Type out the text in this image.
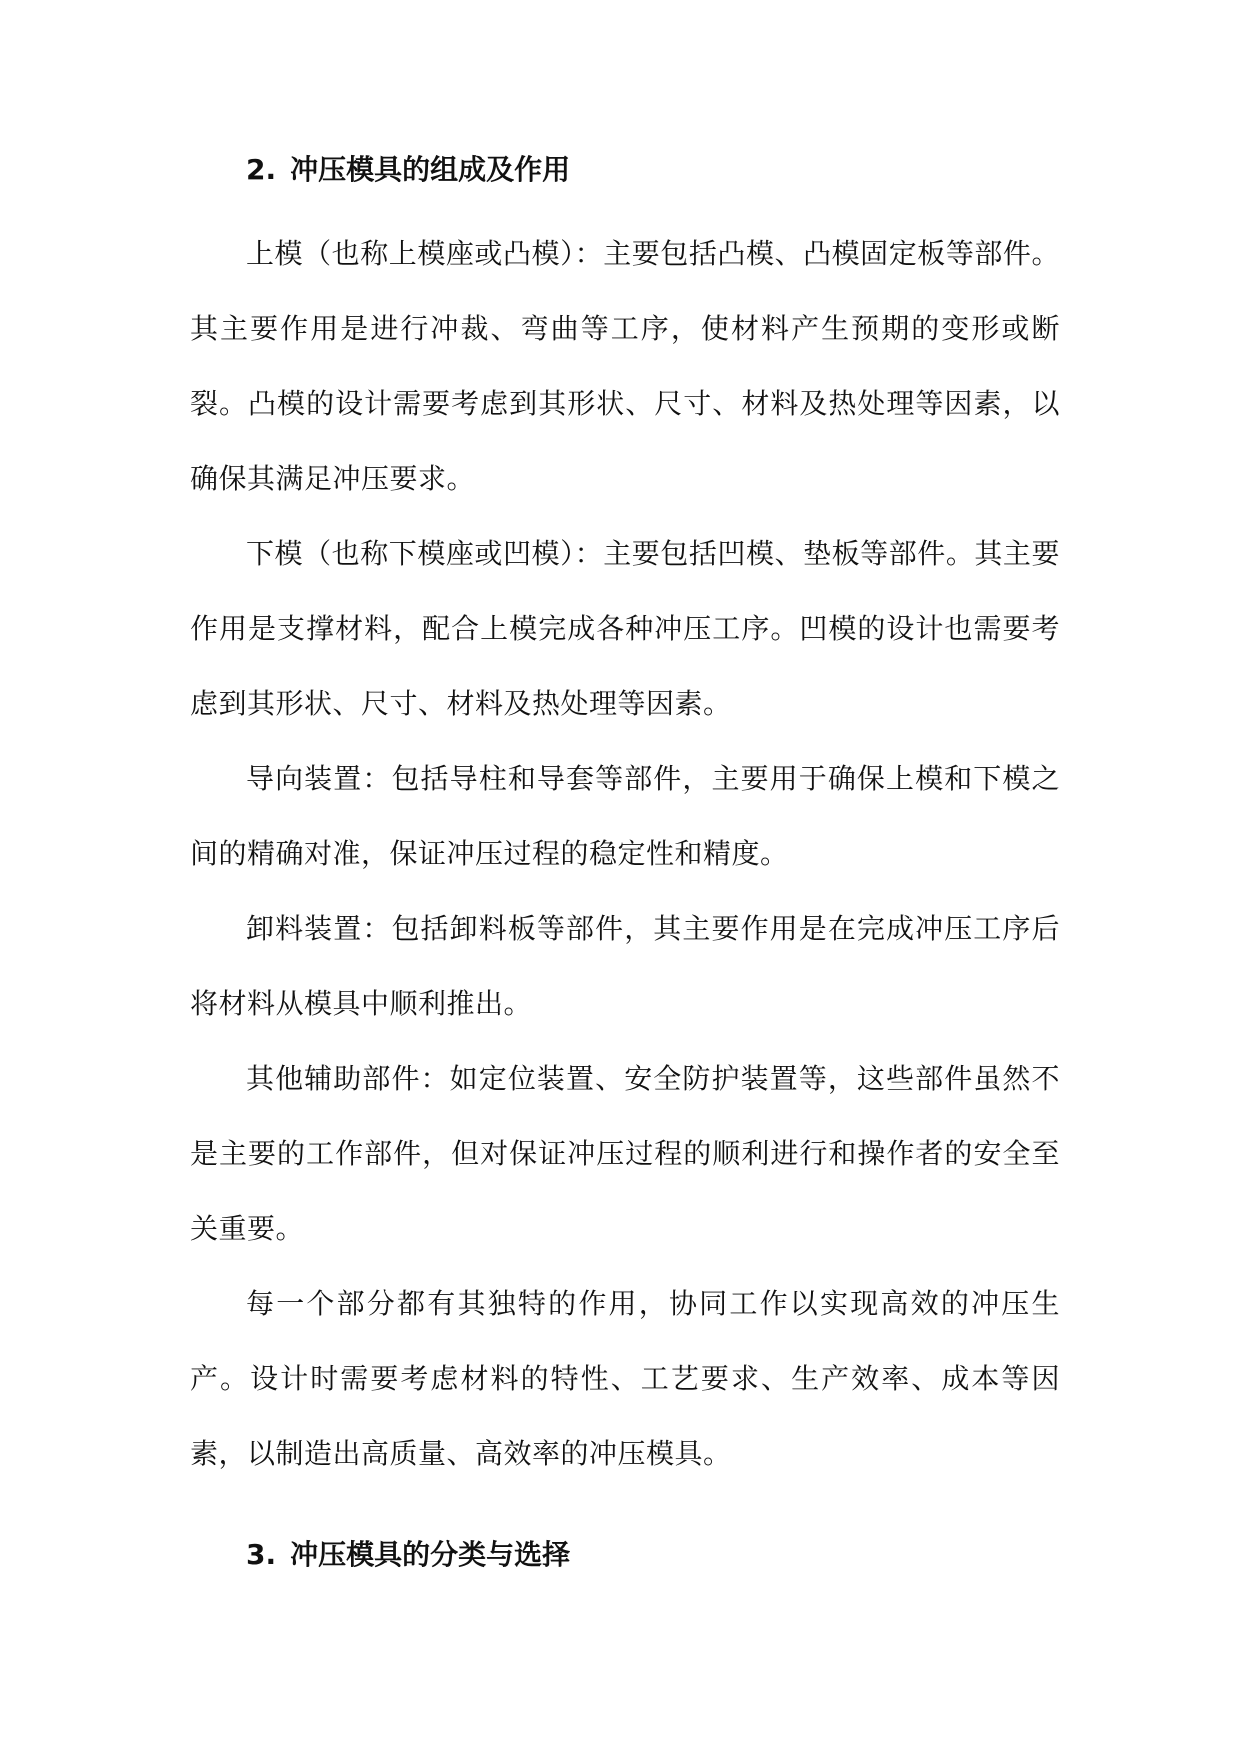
2. 冲压模具的组成及作用

上模（也称上模座或凸模）：主要包括凸模、凸模固定板等部件。其主要作用是进行冲裁、弯曲等工序，使材料产生预期的变形或断裂。凸模的设计需要考虑到其形状、尺寸、材料及热处理等因素，以确保其满足冲压要求。

下模（也称下模座或凹模）：主要包括凹模、垫板等部件。其主要作用是支撑材料，配合上模完成各种冲压工序。凹模的设计也需要考虑到其形状、尺寸、材料及热处理等因素。

导向装置：包括导柱和导套等部件，主要用于确保上模和下模之间的精确对准，保证冲压过程的稳定性和精度。

卸料装置：包括卸料板等部件，其主要作用是在完成冲压工序后将材料从模具中顺利推出。

其他辅助部件：如定位装置、安全防护装置等，这些部件虽然不是主要的工作部件，但对保证冲压过程的顺利进行和操作者的安全至关重要。

每一个部分都有其独特的作用，协同工作以实现高效的冲压生产。设计时需要考虑材料的特性、工艺要求、生产效率、成本等因素，以制造出高质量、高效率的冲压模具。

3. 冲压模具的分类与选择
